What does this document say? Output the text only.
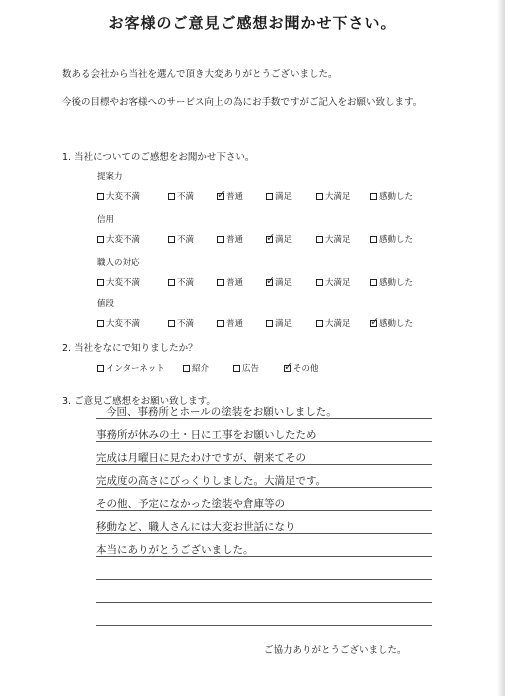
お客様のご意見ご感想お聞かせ下さい。
数ある会社から当社を選んで頂き大変ありがとうございました。
今後の目標やお客様へのサービス向上の為にお手数ですがご記入をお願い致します。
1. 当社についてのご感想をお聞かせ下さい。
提案力
大変不満	不満 ✓ 普通	満足	大満足	感動した
信用
大変不満	不満	普通 ✓ 満足	大満足	感動した
職人の対応
大変不満	不満	普通 ✓ 満足	大満足	感動した
値段
大変不満	不満	普通	満足	大満足 ✓ 感動した
2. 当社をなにで知りましたか？
インターネット	紹介	広告 ✓ その他
3. ご意見ご感想をお願い致します。
今回、事務所とホールの塗装をお願いしました。
事務所が休みの土・日に工事をお願いしたため
完成は月曜日に見たわけですが、朝来てその
完成度の高さにびっくりしました。大満足です。
その他、予定になかった塗装や倉庫等の
移動など、職人さんには大変お世話になり
本当にありがとうございました。
ご協力ありがとうございました。
